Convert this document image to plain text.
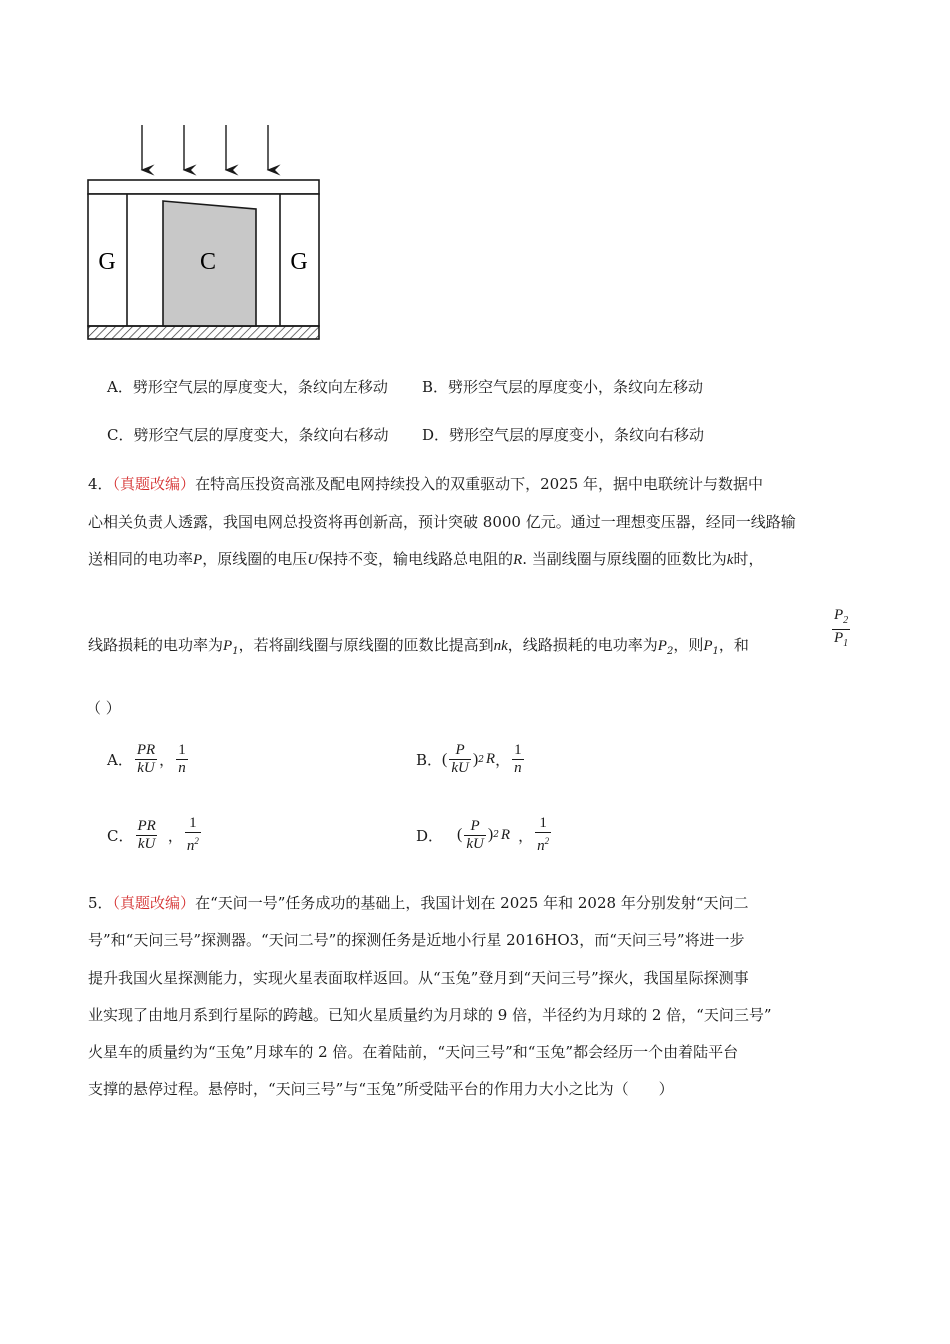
G	C	G
A．劈形空气层的厚度变大，条纹向左移动 B．劈形空气层的厚度变小，条纹向左移动
C．劈形空气层的厚度变大，条纹向右移动 D．劈形空气层的厚度变小，条纹向右移动
4．（真题改编）在特高压投资高涨及配电网持续投入的双重驱动下，2025 年，据中电联统计与数据中
心相关负责人透露，我国电网总投资将再创新高，预计突破 8000 亿元。通过一理想变压器，经同一线路输
送相同的电功率P，原线圈的电压U保持不变，输电线路总电阻的R. 当副线圈与原线圈的匝数比为k时，
线路损耗的电功率为$P_1$，若将副线圈与原线圈的匝数比提高到nk，线路损耗的电功率为$P_2$，则$P_1$，和	$\frac{P_2}{P_1}$
（ ）
A． $\frac{PR}{kU}$ ， $\frac{1}{n}$	B． ( $\frac{P}{kU}$ ) 2 R ， $\frac{1}{n}$
C． $\frac{PR}{kU}$ ， $\frac{1}{n^2}$	D． ( $\frac{P}{kU}$ ) 2 R ， $\frac{1}{n^2}$
5．（真题改编）在“天问一号”任务成功的基础上，我国计划在 2025 年和 2028 年分别发射“天问二
号”和“天问三号”探测器。“天问二号”的探测任务是近地小行星 2016HO3，而“天问三号”将进一步
提升我国火星探测能力，实现火星表面取样返回。从“玉兔”登月到“天问三号”探火，我国星际探测事
业实现了由地月系到行星际的跨越。已知火星质量约为月球的 9 倍，半径约为月球的 2 倍，“天问三号”
火星车的质量约为“玉兔”月球车的 2 倍。在着陆前，“天问三号”和“玉兔”都会经历一个由着陆平台
支撑的悬停过程。悬停时，“天问三号”与“玉兔”所受陆平台的作用力大小之比为（　　）
